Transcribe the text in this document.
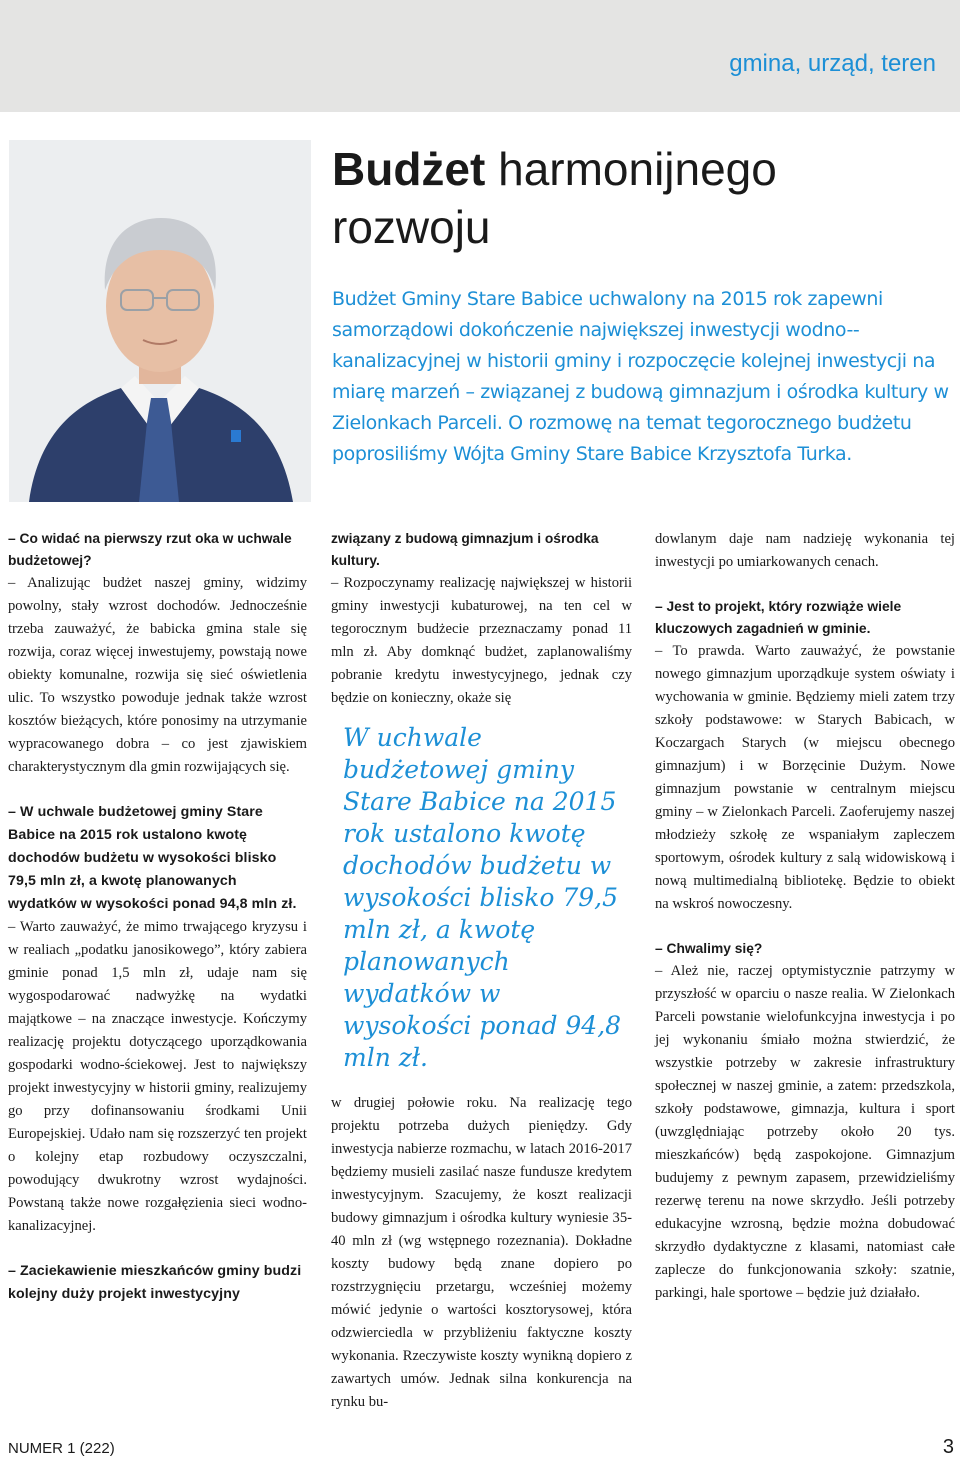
gmina, urząd, teren
Budżet harmonijnego rozwoju
Budżet Gminy Stare Babice uchwalony na 2015 rok zapewni samorządowi dokończenie największej inwestycji wodno--kanalizacyjnej w historii gminy i rozpoczęcie kolejnej inwestycji na miarę marzeń – związanej z budową gimnazjum i ośrodka kultury w Zielonkach Parceli. O rozmowę na temat tegorocznego budżetu poprosiliśmy Wójta Gminy Stare Babice Krzysztofa Turka.

– Co widać na pierwszy rzut oka w uchwale budżetowej?

– Analizując budżet naszej gminy, widzimy powolny, stały wzrost dochodów. Jednocześnie trzeba zauważyć, że babicka gmina stale się rozwija, coraz więcej inwestujemy, powstają nowe obiekty komunalne, rozwija się sieć oświetlenia ulic. To wszystko powoduje jednak także wzrost kosztów bieżących, które ponosimy na utrzymanie wypracowanego dobra – co jest zjawiskiem charakterystycznym dla gmin rozwijających się.

– W uchwale budżetowej gminy Stare Babice na 2015 rok ustalono kwotę dochodów budżetu w wysokości blisko 79,5 mln zł, a kwotę planowanych wydatków w wysokości ponad 94,8 mln zł.

– Warto zauważyć, że mimo trwającego kryzysu i w realiach „podatku janosikowego”, który zabiera gminie ponad 1,5 mln zł, udaje nam się wygospodarować nadwyżkę na wydatki majątkowe – na znaczące inwestycje. Kończymy realizację projektu dotyczącego uporządkowania gospodarki wodno-ściekowej. Jest to największy projekt inwestycyjny w historii gminy, realizujemy go przy dofinansowaniu środkami Unii Europejskiej. Udało nam się rozszerzyć ten projekt o kolejny etap rozbudowy oczyszczalni, powodujący dwukrotny wzrost wydajności. Powstaną także nowe rozgałęzienia sieci wodno-kanalizacyjnej.

– Zaciekawienie mieszkańców gminy budzi kolejny duży projekt inwestycyjny

związany z budową gimnazjum i ośrodka kultury.

– Rozpoczynamy realizację największej w historii gminy inwestycji kubaturowej, na ten cel w tegorocznym budżecie przeznaczamy ponad 11 mln zł. Aby domknąć budżet, zaplanowaliśmy pobranie kredytu inwestycyjnego, jednak czy będzie on konieczny, okaże się

W uchwale budżetowej gminy Stare Babice na 2015 rok ustalono kwotę dochodów budżetu w wysokości blisko 79,5 mln zł, a kwotę planowanych wydatków w wysokości ponad 94,8 mln zł.

w drugiej połowie roku. Na realizację tego projektu potrzeba dużych pieniędzy. Gdy inwestycja nabierze rozmachu, w latach 2016-2017 będziemy musieli zasilać nasze fundusze kredytem inwestycyjnym. Szacujemy, że koszt realizacji budowy gimnazjum i ośrodka kultury wyniesie 35-40 mln zł (wg wstępnego rozeznania). Dokładne koszty budowy będą znane dopiero po rozstrzygnięciu przetargu, wcześniej możemy mówić jedynie o wartości kosztorysowej, która odzwierciedla w przybliżeniu faktyczne koszty wykonania. Rzeczywiste koszty wynikną dopiero z zawartych umów. Jednak silna konkurencja na rynku bu-

dowlanym daje nam nadzieję wykonania tej inwestycji po umiarkowanych cenach.

– Jest to projekt, który rozwiąże wiele kluczowych zagadnień w gminie.

– To prawda. Warto zauważyć, że powstanie nowego gimnazjum uporządkuje system oświaty i wychowania w gminie. Będziemy mieli zatem trzy szkoły podstawowe: w Starych Babicach, w Koczargach Starych (w miejscu obecnego gimnazjum) i w Borzęcinie Dużym. Nowe gimnazjum powstanie w centralnym miejscu gminy – w Zielonkach Parceli. Zaoferujemy naszej młodzieży szkołę ze wspaniałym zapleczem sportowym, ośrodek kultury z salą widowiskową i nową multimedialną bibliotekę. Będzie to obiekt na wskroś nowoczesny.

– Chwalimy się?

– Ależ nie, raczej optymistycznie patrzymy w przyszłość w oparciu o nasze realia. W Zielonkach Parceli powstanie wielofunkcyjna inwestycja i po jej wykonaniu śmiało można stwierdzić, że wszystkie potrzeby w zakresie infrastruktury społecznej w naszej gminie, a zatem: przedszkola, szkoły podstawowe, gimnazja, kultura i sport (uwzględniając potrzeby około 20 tys. mieszkańców) będą zaspokojone. Gimnazjum budujemy z pewnym zapasem, przewidzieliśmy rezerwę terenu na nowe skrzydło. Jeśli potrzeby edukacyjne wzrosną, będzie można dobudować skrzydło dydaktyczne z klasami, natomiast całe zaplecze do funkcjonowania szkoły: szatnie, parkingi, hale sportowe – będzie już działało.

NUMER 1 (222)	3
